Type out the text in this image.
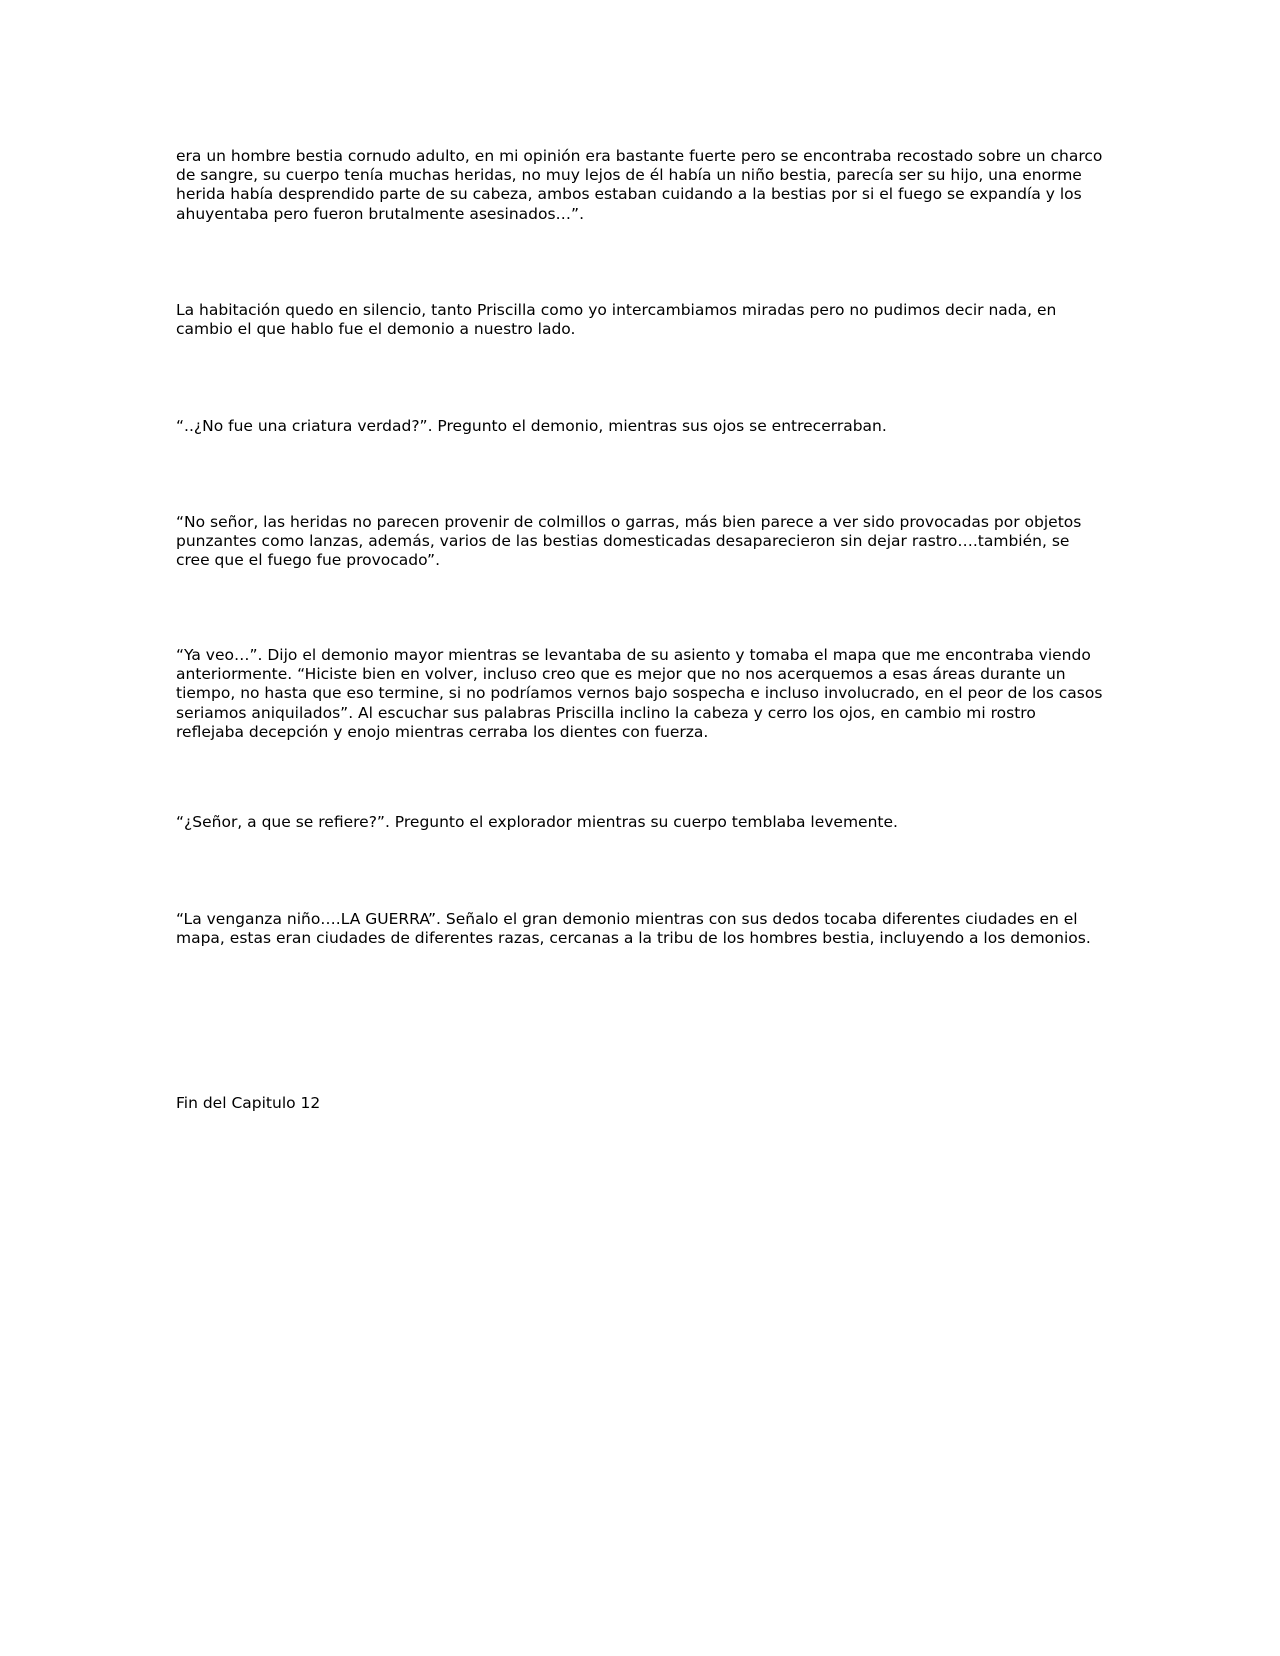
era un hombre bestia cornudo adulto, en mi opinión era bastante fuerte pero se encontraba recostado sobre un charco de sangre, su cuerpo tenía muchas heridas, no muy lejos de él había un niño bestia, parecía ser su hijo, una enorme herida había desprendido parte de su cabeza, ambos estaban cuidando a la bestias por si el fuego se expandía y los ahuyentaba pero fueron brutalmente asesinados…”.

La habitación quedo en silencio, tanto Priscilla como yo intercambiamos miradas pero no pudimos decir nada, en cambio el que hablo fue el demonio a nuestro lado.

“..¿No fue una criatura verdad?”. Pregunto el demonio, mientras sus ojos se entrecerraban.

“No señor, las heridas no parecen provenir de colmillos o garras, más bien parece a ver sido provocadas por objetos punzantes como lanzas, además, varios de las bestias domesticadas desaparecieron sin dejar rastro….también, se cree que el fuego fue provocado”.

“Ya veo…”. Dijo el demonio mayor mientras se levantaba de su asiento y tomaba el mapa que me encontraba viendo anteriormente. “Hiciste bien en volver, incluso creo que es mejor que no nos acerquemos a esas áreas durante un tiempo, no hasta que eso termine, si no podríamos vernos bajo sospecha e incluso involucrado, en el peor de los casos seriamos aniquilados”. Al escuchar sus palabras Priscilla inclino la cabeza y cerro los ojos, en cambio mi rostro reflejaba decepción y enojo mientras cerraba los dientes con fuerza.

“¿Señor, a que se refiere?”. Pregunto el explorador mientras su cuerpo temblaba levemente.

“La venganza niño….LA GUERRA”. Señalo el gran demonio mientras con sus dedos tocaba diferentes ciudades en el mapa, estas eran ciudades de diferentes razas, cercanas a la tribu de los hombres bestia, incluyendo a los demonios.

Fin del Capitulo 12
